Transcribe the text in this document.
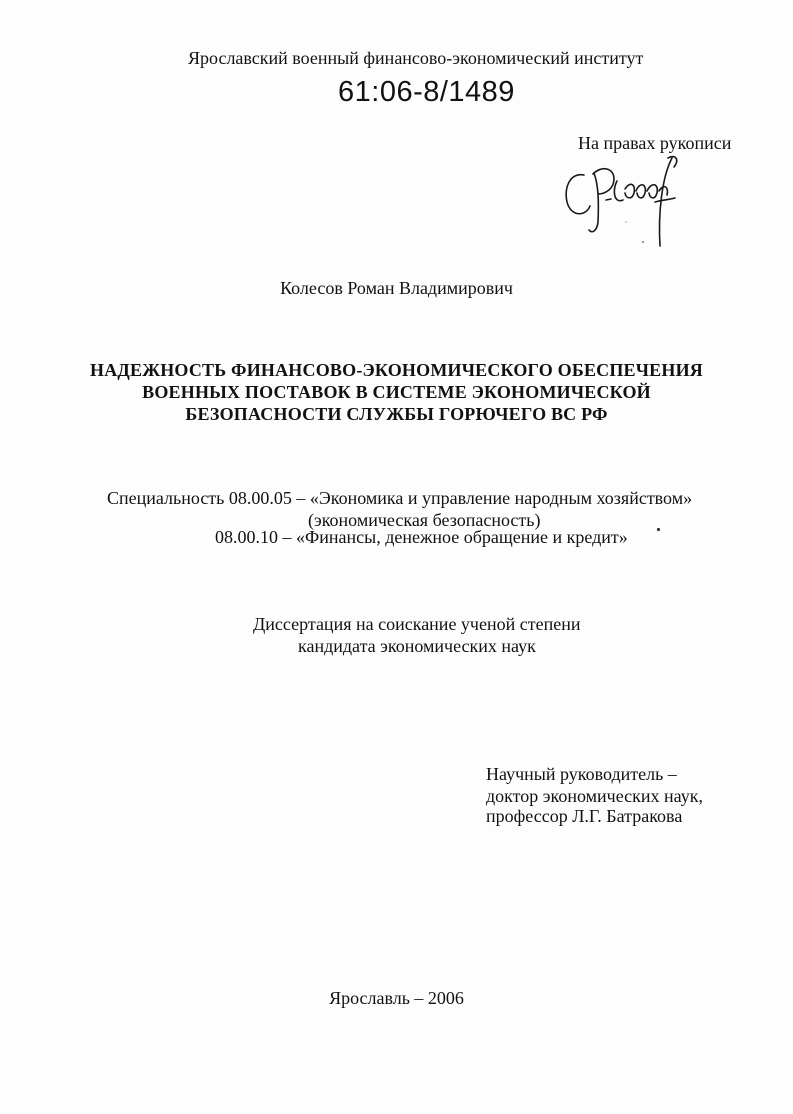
Ярославский военный финансово-экономический институт
61:06-8/1489
На правах рукописи
Колесов Роман Владимирович
НАДЕЖНОСТЬ ФИНАНСОВО-ЭКОНОМИЧЕСКОГО ОБЕСПЕЧЕНИЯ
ВОЕННЫХ ПОСТАВОК В СИСТЕМЕ ЭКОНОМИЧЕСКОЙ
БЕЗОПАСНОСТИ СЛУЖБЫ ГОРЮЧЕГО ВС РФ
Специальность 08.00.05 – «Экономика и управление народным хозяйством»
(экономическая безопасность)
08.00.10 – «Финансы, денежное обращение и кредит»
Диссертация на соискание ученой степени
кандидата экономических наук
Научный руководитель –
доктор экономических наук,
профессор Л.Г. Батракова
Ярославль – 2006
